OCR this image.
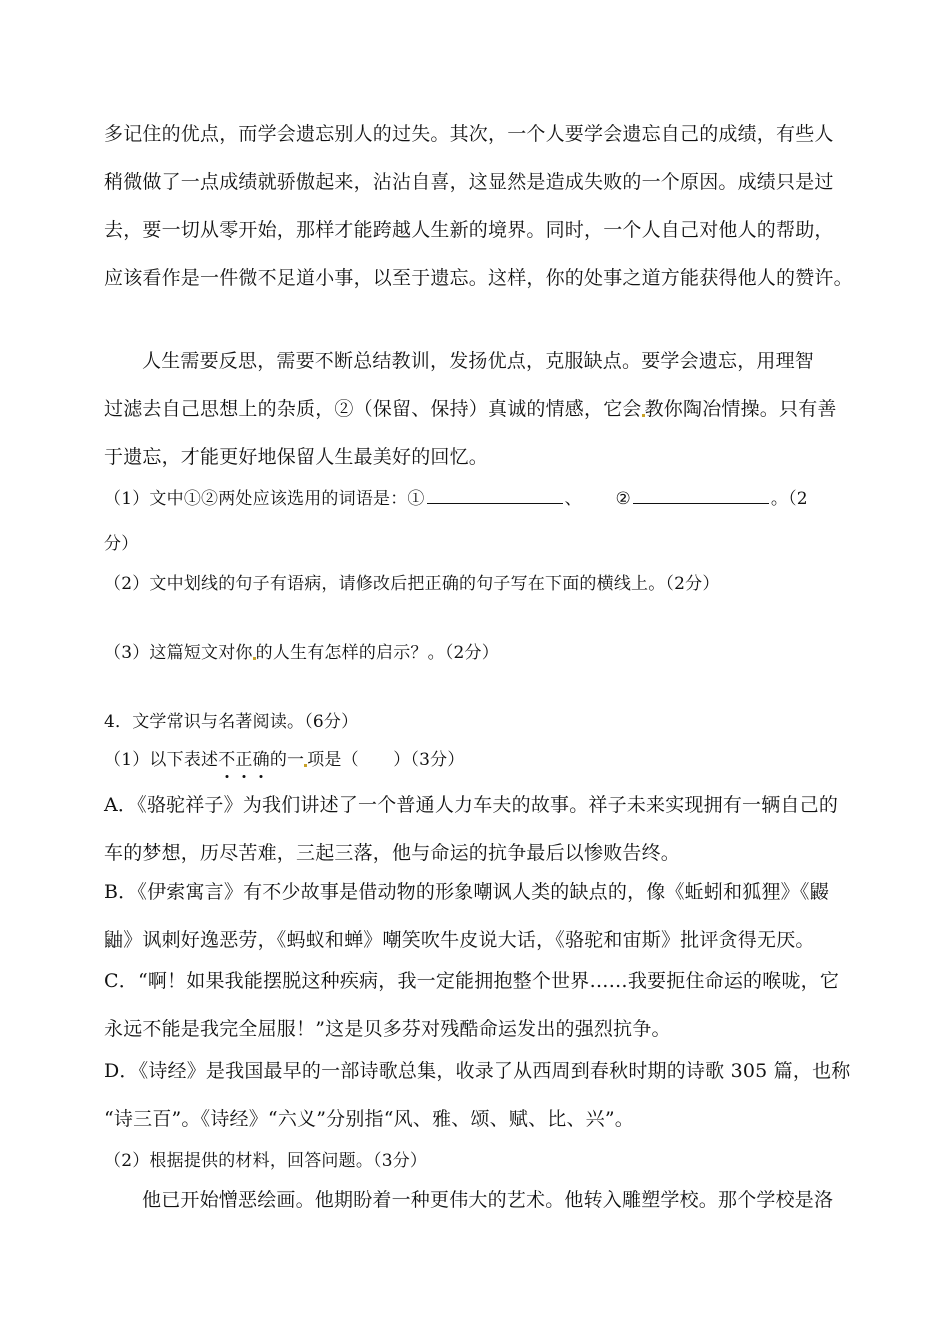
多记住的优点，而学会遗忘别人的过失。其次，一个人要学会遗忘自己的成绩，有些人

稍微做了一点成绩就骄傲起来，沾沾自喜，这显然是造成失败的一个原因。成绩只是过

去，要一切从零开始，那样才能跨越人生新的境界。同时，一个人自己对他人的帮助，

应该看作是一件微不足道小事，以至于遗忘。这样，你的处事之道方能获得他人的赞许。

人生需要反思，需要不断总结教训，发扬优点，克服缺点。要学会遗忘，用理智

过滤去自己思想上的杂质，②（保留、保持）真诚的情感，它会 教你陶冶情操。只有善

于遗忘，才能更好地保留人生最美好的回忆。

（1）文中①②两处应该选用的词语是：①	、 ②	。（2

分）

（2）文中划线的句子有语病，请修改后把正确的句子写在下面的横线上。（2分）

（3）这篇短文对你 的人生有怎样的启示？。（2分）

4．文学常识与名著阅读。（6分）

（1）以下表述不正确的一 项是（　　）（3分）

A．《骆驼祥子》为我们讲述了一个普通人力车夫的故事。祥子未来实现拥有一辆自己的

车的梦想，历尽苦难，三起三落，他与命运的抗争最后以惨败告终。

B．《伊索寓言》有不少故事是借动物的形象嘲讽人类的缺点的，像《蚯蚓和狐狸》《鼹

鼬》讽刺好逸恶劳，《蚂蚁和蝉》嘲笑吹牛皮说大话，《骆驼和宙斯》批评贪得无厌。

C．“啊！如果我能摆脱这种疾病，我一定能拥抱整个世界……我要扼住命运的喉咙，它

永远不能是我完全屈服！”这是贝多芬对残酷命运发出的强烈抗争。

D．《诗经》是我国最早的一部诗歌总集，收录了从西周到春秋时期的诗歌 305 篇，也称

“诗三百”。《诗经》“六义”分别指“风、雅、颂、赋、比、兴”。

（2）根据提供的材料，回答问题。（3分）

他已开始憎恶绘画。他期盼着一种更伟大的艺术。他转入雕塑学校。那个学校是洛
